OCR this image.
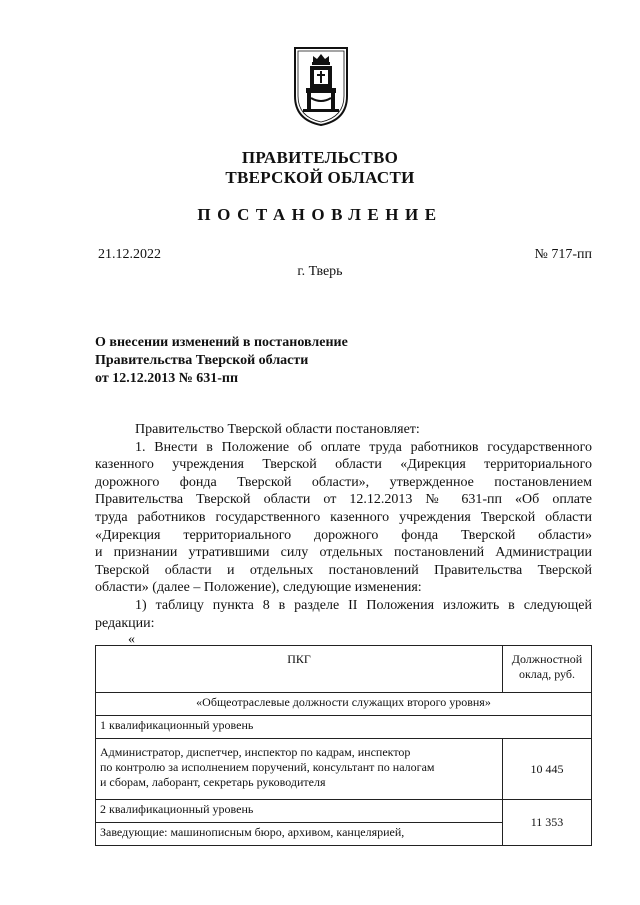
ПРАВИТЕЛЬСТВО
ТВЕРСКОЙ ОБЛАСТИ
ПОСТАНОВЛЕНИЕ
21.12.2022	№ 717-пп
г. Тверь
О внесении изменений в постановление
Правительства Тверской области
от 12.12.2013 № 631-пп

Правительство Тверской области постановляет:

1. Внести в Положение об оплате труда работников государственного
казенного учреждения Тверской области «Дирекция территориального
дорожного фонда Тверской области», утвержденное постановлением
Правительства Тверской области от 12.12.2013 № 631-пп «Об оплате
труда работников государственного казенного учреждения Тверской области
«Дирекция территориального дорожного фонда Тверской области»
и признании утратившими силу отдельных постановлений Администрации
Тверской области и отдельных постановлений Правительства Тверской
области» (далее – Положение), следующие изменения:

1) таблицу пункта 8 в разделе II Положения изложить в следующей
редакции:

«
ПКГ	Должностной
оклад, руб.

«Общеотраслевые должности служащих второго уровня»	
1 квалификационный уровень	

Администратор, диспетчер, инспектор по кадрам, инспектор
по контролю за исполнением поручений, консультант по налогам
и сборам, лаборант, секретарь руководителя	10 445
2 квалификационный уровень	11 353
Заведующие: машинописным бюро, архивом, канцелярией,	
